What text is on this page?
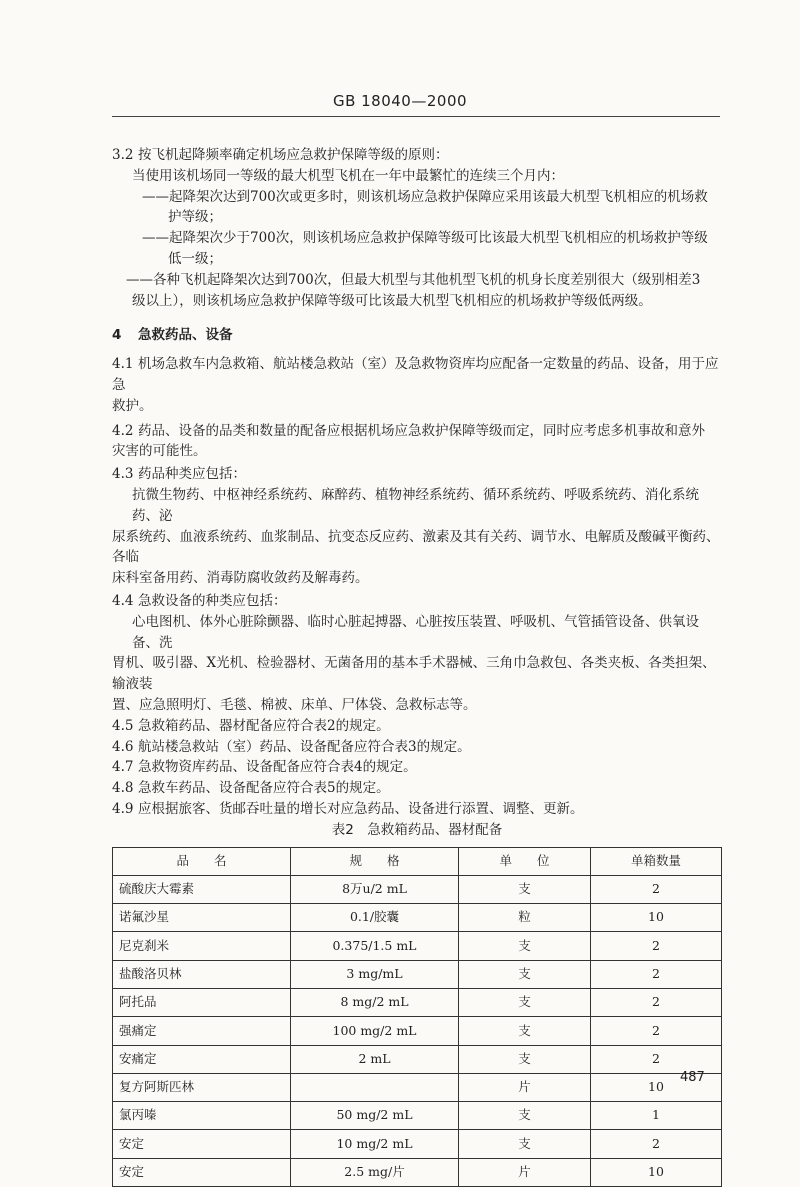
GB 18040—2000
3.2 按飞机起降频率确定机场应急救护保障等级的原则：
当使用该机场同一等级的最大机型飞机在一年中最繁忙的连续三个月内：
——起降架次达到700次或更多时，则该机场应急救护保障应采用该最大机型飞机相应的机场救
护等级；
——起降架次少于700次，则该机场应急救护保障等级可比该最大机型飞机相应的机场救护等级
低一级；
——各种飞机起降架次达到700次，但最大机型与其他机型飞机的机身长度差别很大（级别相差3
级以上），则该机场应急救护保障等级可比该最大机型飞机相应的机场救护等级低两级。
4 急救药品、设备
4.1 机场急救车内急救箱、航站楼急救站（室）及急救物资库均应配备一定数量的药品、设备，用于应急
救护。
4.2 药品、设备的品类和数量的配备应根据机场应急救护保障等级而定，同时应考虑多机事故和意外
灾害的可能性。
4.3 药品种类应包括：
抗微生物药、中枢神经系统药、麻醉药、植物神经系统药、循环系统药、呼吸系统药、消化系统药、泌
尿系统药、血液系统药、血浆制品、抗变态反应药、激素及其有关药、调节水、电解质及酸碱平衡药、各临
床科室备用药、消毒防腐收敛药及解毒药。
4.4 急救设备的种类应包括：
心电图机、体外心脏除颤器、临时心脏起搏器、心脏按压装置、呼吸机、气管插管设备、供氧设备、洗
胃机、吸引器、X光机、检验器材、无菌备用的基本手术器械、三角巾急救包、各类夹板、各类担架、输液装
置、应急照明灯、毛毯、棉被、床单、尸体袋、急救标志等。
4.5 急救箱药品、器材配备应符合表2的规定。
4.6 航站楼急救站（室）药品、设备配备应符合表3的规定。
4.7 急救物资库药品、设备配备应符合表4的规定。
4.8 急救车药品、设备配备应符合表5的规定。
4.9 应根据旅客、货邮吞吐量的增长对应急药品、设备进行添置、调整、更新。
表2　急救箱药品、器材配备
品　　名	规　　格	单　　位	单箱数量
硫酸庆大霉素	8万u/2 mL	支	2
诺氟沙星	0.1/胶囊	粒	10
尼克刹米	0.375/1.5 mL	支	2
盐酸洛贝林	3 mg/mL	支	2
阿托品	8 mg/2 mL	支	2
强痛定	100 mg/2 mL	支	2
安痛定	2 mL	支	2
复方阿斯匹林		片	10
氯丙嗪	50 mg/2 mL	支	1
安定	10 mg/2 mL	支	2
安定	2.5 mg/片	片	10
487
